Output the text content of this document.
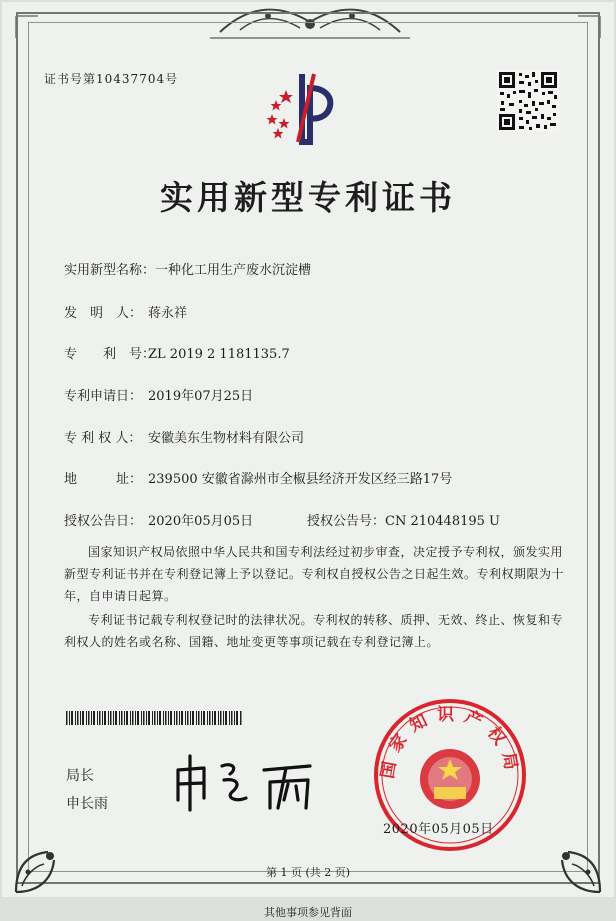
证书号第10437704号
实用新型专利证书
实用新型名称：一种化工用生产废水沉淀槽
发　明　人： 蒋永祥
专　　利　号：ZL 2019 2 1181135.7
专利申请日： 2019年07月25日
专 利 权 人： 安徽美东生物材料有限公司
地　　　址： 239500 安徽省滁州市全椒县经济开发区经三路17号
授权公告日： 2020年05月05日	授权公告号：CN 210448195 U
国家知识产权局依照中华人民共和国专利法经过初步审查，决定授予专利权，颁发实用新型专利证书并在专利登记簿上予以登记。专利权自授权公告之日起生效。专利权期限为十年，自申请日起算。
专利证书记载专利权登记时的法律状况。专利权的转移、质押、无效、终止、恢复和专利权人的姓名或名称、国籍、地址变更等事项记载在专利登记簿上。
局长
申长雨
国家知识产权局
2020年05月05日
第 1 页 (共 2 页)
其他事项参见背面
